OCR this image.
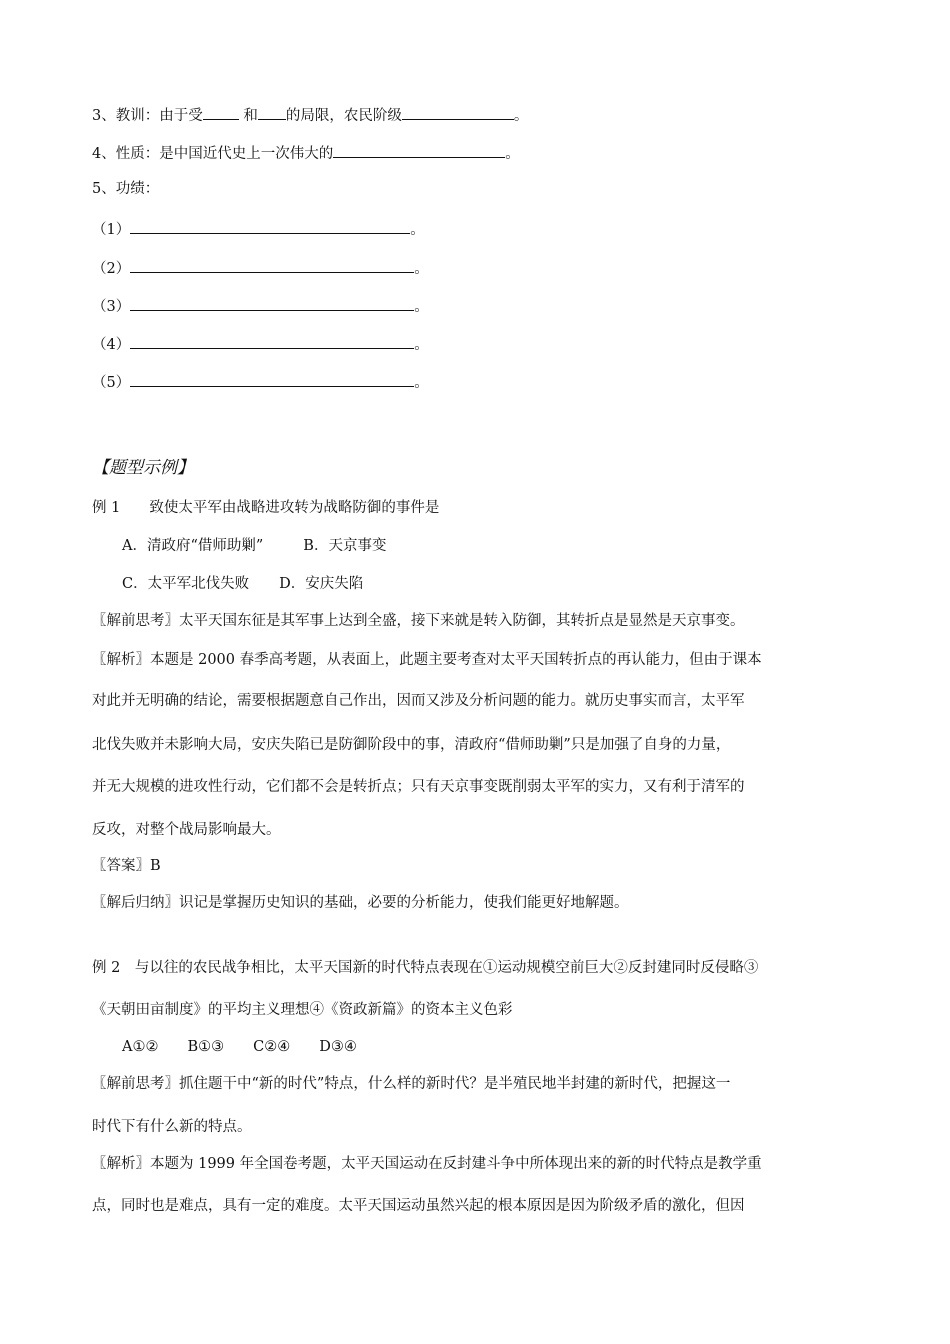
3、教训：由于受	和 的局限，农民阶级	。
4、性质：是中国近代史上一次伟大的	。
5、功绩：
（1）	。
（2）	。
（3）	。
（4）	。
（5）	。
【题型示例】
例 1　　致使太平军由战略进攻转为战略防御的事件是
A．清政府“借师助剿”	B．天京事变
C．太平军北伐失败 D．安庆失陷
〖解前思考〗太平天国东征是其军事上达到全盛，接下来就是转入防御，其转折点是显然是天京事变。
〖解析〗本题是 2000 春季高考题，从表面上，此题主要考查对太平天国转折点的再认能力，但由于课本
对此并无明确的结论，需要根据题意自己作出，因而又涉及分析问题的能力。就历史事实而言，太平军
北伐失败并未影响大局，安庆失陷已是防御阶段中的事，清政府“借师助剿”只是加强了自身的力量，
并无大规模的进攻性行动，它们都不会是转折点；只有天京事变既削弱太平军的实力，又有利于清军的
反攻，对整个战局影响最大。
〖答案〗B
〖解后归纳〗识记是掌握历史知识的基础，必要的分析能力，使我们能更好地解题。
例 2　与以往的农民战争相比，太平天国新的时代特点表现在①运动规模空前巨大②反封建同时反侵略③
《天朝田亩制度》的平均主义理想④《资政新篇》的资本主义色彩
A①②　　B①③　　C②④　　D③④
〖解前思考〗抓住题干中“新的时代”特点，什么样的新时代？是半殖民地半封建的新时代，把握这一
时代下有什么新的特点。
〖解析〗本题为 1999 年全国卷考题，太平天国运动在反封建斗争中所体现出来的新的时代特点是教学重
点，同时也是难点，具有一定的难度。太平天国运动虽然兴起的根本原因是因为阶级矛盾的激化，但因
